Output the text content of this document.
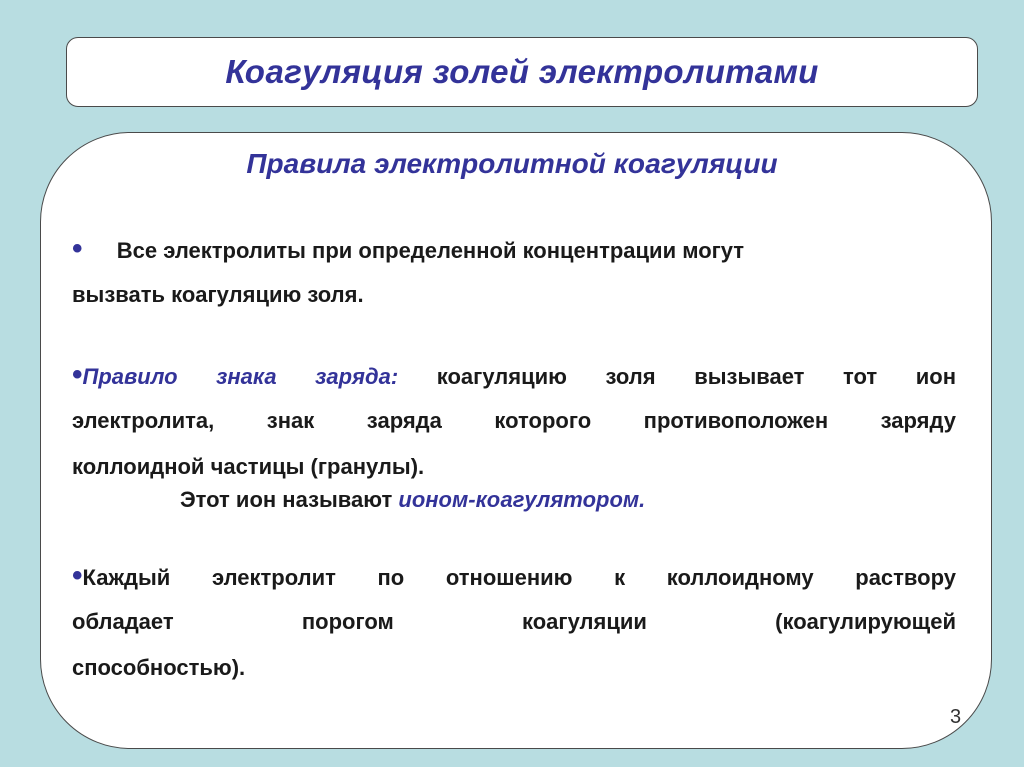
Коагуляция золей электролитами
Правила электролитной коагуляции
• Все электролиты при определенной концентрации могут
вызвать коагуляцию золя.
•Правило знака заряда: коагуляцию золя вызывает тот ион
электролита, знак заряда которого противоположен заряду
коллоидной частицы (гранулы).
Этот ион называют ионом-коагулятором.
•Каждый электролит по отношению к коллоидному раствору
обладает порогом коагуляции (коагулирующей
способностью).
3
